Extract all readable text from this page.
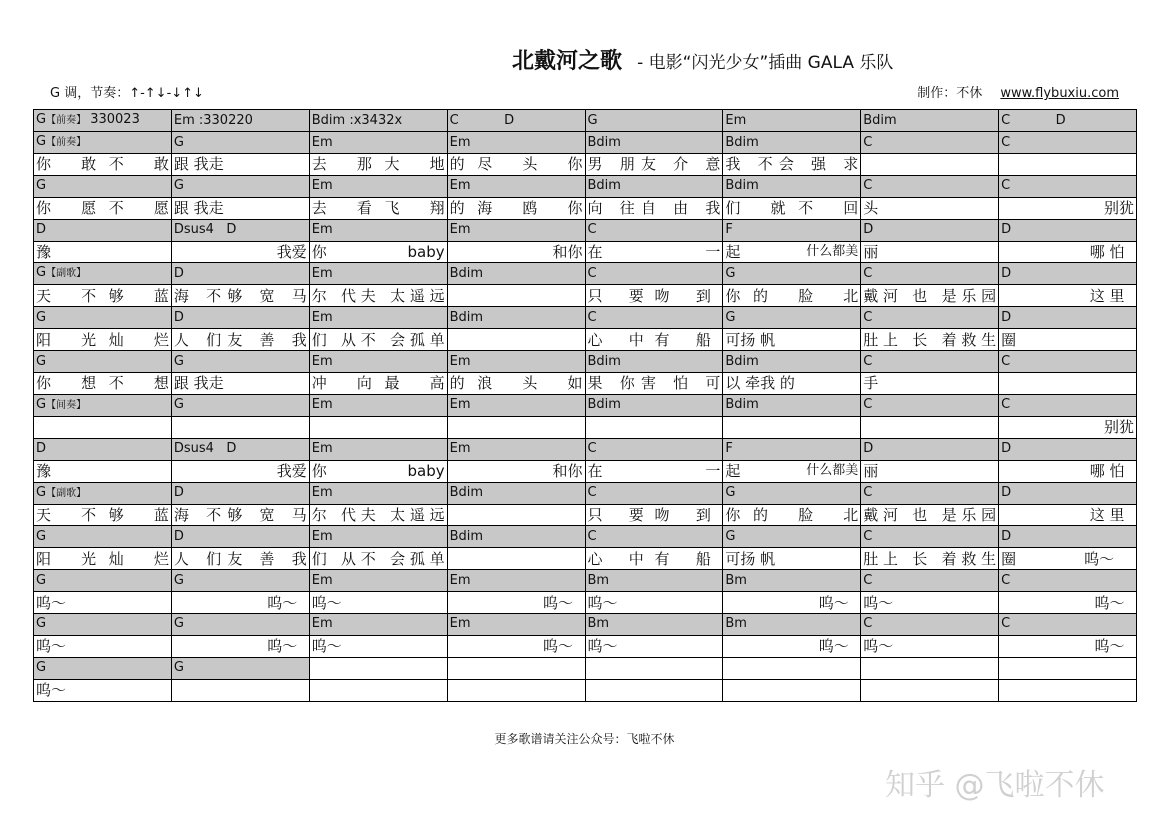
北戴河之歌 - 电影“闪光少女”插曲 GALA 乐队
G 调，节奏：↑-↑↓-↓↑↓	制作：不休 www.flybuxiu.com
G【前奏】 330023	Em :330220	Bdim :x3432x	C           D	G	Em	Bdim	C           D
G【前奏】	G	Em	Em	Bdim	Bdim	C	C

你 敢不 敢	跟 我走	去 那大 地	的尽 头 你	男 朋友 介 意	我 不会 强 求		

G	G	Em	Em	Bdim	Bdim	C	C

你 愿不 愿	跟 我走	去 看飞 翔	的海 鸥 你	向 往自 由 我	们 就不 回	头	别犹
D	Dsus4   D	Em	Em	C	F	D	D
豫	我爱	你 baby	和你	在 一	起 什么都美	丽	哪 怕
G【副歌】	D	Em	Bdim	C	G	C	D

天 不够 蓝	海 不够 宽 马	尔 代夫 太遥远		只 要吻 到	你的 脸 北	戴河 也 是乐园	这 里
G	D	Em	Bdim	C	G	C	D

阳 光灿 烂	人 们友 善 我	们 从不 会孤单		心 中有 船	可扬 帆	肚上 长 着救生	圈
G	G	Em	Em	Bdim	Bdim	C	C

你 想不 想	跟 我走	冲 向最 高	的浪 头 如	果 你害 怕 可	以 牵我 的	手	
G【间奏】	G	Em	Em	Bdim	Bdim	C	C
							别犹
D	Dsus4   D	Em	Em	C	F	D	D
豫	我爱	你 baby	和你	在 一	起 什么都美	丽	哪 怕
G【副歌】	D	Em	Bdim	C	G	C	D

天 不够 蓝	海 不够 宽 马	尔 代夫 太遥远		只 要吻 到	你的 脸 北	戴河 也 是乐园	这 里
G	D	Em	Bdim	C	G	C	D

阳 光灿 烂	人 们友 善 我	们 从不 会孤单		心 中有 船	可扬 帆	肚上 长 着救生	圈 呜～

G	G	Em	Em	Bm	Bm	C	C
呜～	呜～	呜～	呜～	呜～	呜～	呜～	呜～
G	G	Em	Em	Bm	Bm	C	C
呜～	呜～	呜～	呜～	呜～	呜～	呜～	呜～
G	G						
呜～							
更多歌谱请关注公众号：飞啦不休
知乎 @飞啦不休
